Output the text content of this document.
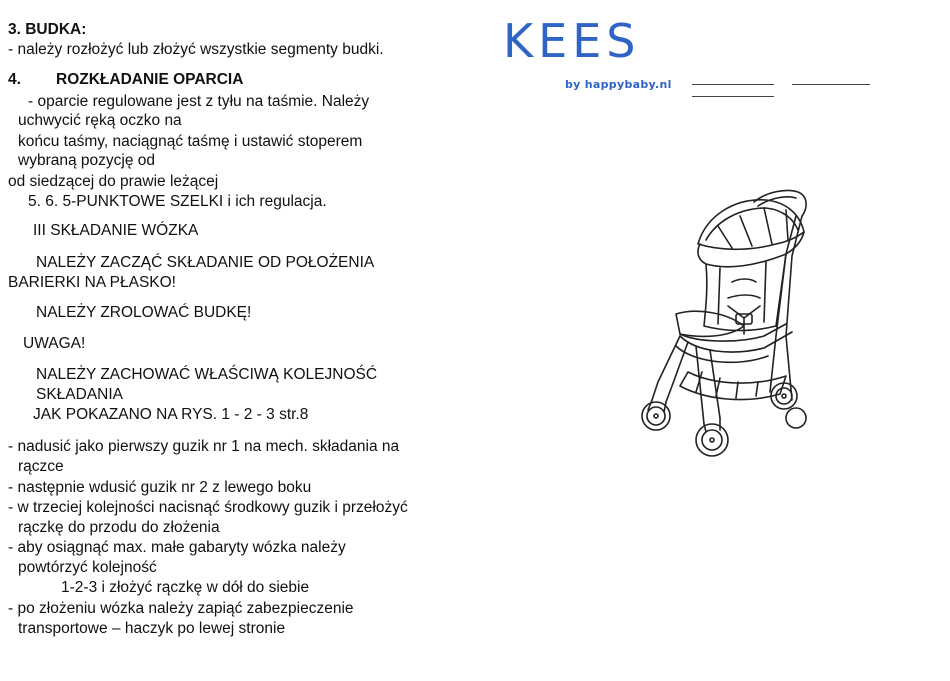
3. BUDKA:
- należy rozłożyć lub złożyć wszystkie segmenty budki.
4. ROZKŁADANIE OPARCIA
- oparcie regulowane jest z tyłu na taśmie. Należy
uchwycić ręką oczko na
końcu taśmy, naciągnąć taśmę i ustawić stoperem
wybraną pozycję od
od siedzącej do prawie leżącej
5. 6. 5-PUNKTOWE SZELKI i ich regulacja.
III SKŁADANIE WÓZKA
NALEŻY ZACZĄĆ SKŁADANIE OD POŁOŻENIA
BARIERKI NA PŁASKO!
NALEŻY ZROLOWAĆ BUDKĘ!
UWAGA!
NALEŻY ZACHOWAĆ WŁAŚCIWĄ KOLEJNOŚĆ
SKŁADANIA
JAK POKAZANO NA RYS. 1 - 2 - 3 str.8
- nadusić jako pierwszy guzik nr 1 na mech. składania na
rączce
- następnie wdusić guzik nr 2 z lewego boku
- w trzeciej kolejności nacisnąć środkowy guzik i przełożyć
rączkę do przodu do złożenia
- aby osiągnąć max. małe gabaryty wózka należy
powtórzyć kolejność
1-2-3 i złożyć rączkę w dół do siebie
- po złożeniu wózka należy zapiąć zabezpieczenie
transportowe – haczyk po lewej stronie
KEES
by happybaby.nl
